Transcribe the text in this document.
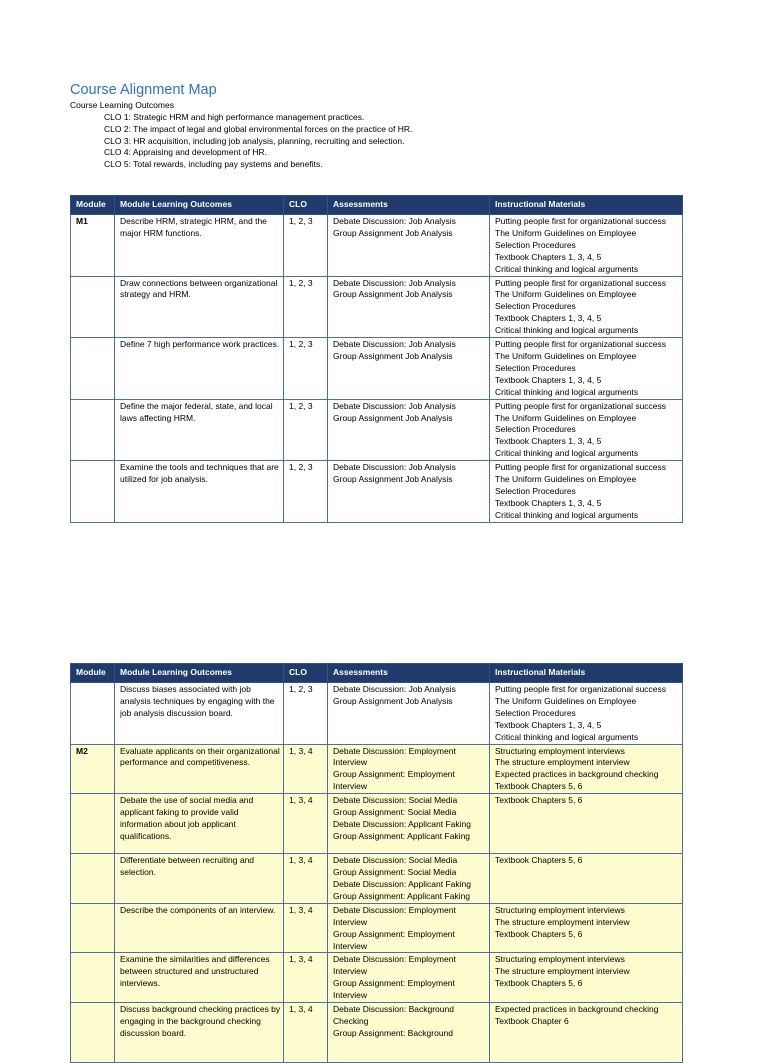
Course Alignment Map
Course Learning Outcomes
CLO 1: Strategic HRM and high performance management practices.
CLO 2: The impact of legal and global environmental forces on the practice of HR.
CLO 3: HR acquisition, including job analysis, planning, recruiting and selection.
CLO 4: Appraising and development of HR.
CLO 5: Total rewards, including pay systems and benefits.
Module	Module Learning Outcomes	CLO	Assessments	Instructional Materials
M1	Describe HRM, strategic HRM, and the major HRM functions.	1, 2, 3	Debate Discussion: Job Analysis
Group Assignment Job Analysis	Putting people first for organizational success
The Uniform Guidelines on Employee
Selection Procedures
Textbook Chapters 1, 3, 4, 5
Critical thinking and logical arguments

	Draw connections between organizational strategy and HRM.	1, 2, 3	Debate Discussion: Job Analysis
Group Assignment Job Analysis	Putting people first for organizational success
The Uniform Guidelines on Employee
Selection Procedures
Textbook Chapters 1, 3, 4, 5
Critical thinking and logical arguments

	Define 7 high performance work practices.	1, 2, 3	Debate Discussion: Job Analysis
Group Assignment Job Analysis	Putting people first for organizational success
The Uniform Guidelines on Employee
Selection Procedures
Textbook Chapters 1, 3, 4, 5
Critical thinking and logical arguments

	Define the major federal, state, and local laws affecting HRM.	1, 2, 3	Debate Discussion: Job Analysis
Group Assignment Job Analysis	Putting people first for organizational success
The Uniform Guidelines on Employee
Selection Procedures
Textbook Chapters 1, 3, 4, 5
Critical thinking and logical arguments

	Examine the tools and techniques that are utilized for job analysis.	1, 2, 3	Debate Discussion: Job Analysis
Group Assignment Job Analysis	Putting people first for organizational success
The Uniform Guidelines on Employee
Selection Procedures
Textbook Chapters 1, 3, 4, 5
Critical thinking and logical arguments
Module	Module Learning Outcomes	CLO	Assessments	Instructional Materials
	Discuss biases associated with job analysis techniques by engaging with the job analysis discussion board.	1, 2, 3	Debate Discussion: Job Analysis
Group Assignment Job Analysis	Putting people first for organizational success
The Uniform Guidelines on Employee
Selection Procedures
Textbook Chapters 1, 3, 4, 5
Critical thinking and logical arguments

M2	Evaluate applicants on their organizational performance and competitiveness.	1, 3, 4	Debate Discussion: Employment
Interview
Group Assignment: Employment
Interview	Structuring employment interviews
The structure employment interview
Expected practices in background checking
Textbook Chapters 5, 6

	Debate the use of social media and applicant faking to provide valid information about job applicant qualifications.	1, 3, 4	Debate Discussion: Social Media
Group Assignment: Social Media
Debate Discussion: Applicant Faking
Group Assignment: Applicant Faking	Textbook Chapters 5, 6

	Differentiate between recruiting and selection.	1, 3, 4	Debate Discussion: Social Media
Group Assignment: Social Media
Debate Discussion: Applicant Faking
Group Assignment: Applicant Faking	Textbook Chapters 5, 6

	Describe the components of an interview.	1, 3, 4	Debate Discussion: Employment
Interview
Group Assignment: Employment
Interview	Structuring employment interviews
The structure employment interview
Textbook Chapters 5, 6

	Examine the similarities and differences between structured and unstructured interviews.	1, 3, 4	Debate Discussion: Employment
Interview
Group Assignment: Employment
Interview	Structuring employment interviews
The structure employment interview
Textbook Chapters 5, 6

	Discuss background checking practices by engaging in the background checking discussion board.	1, 3, 4	Debate Discussion: Background
Checking
Group Assignment: Background	Expected practices in background checking
Textbook Chapter 6
